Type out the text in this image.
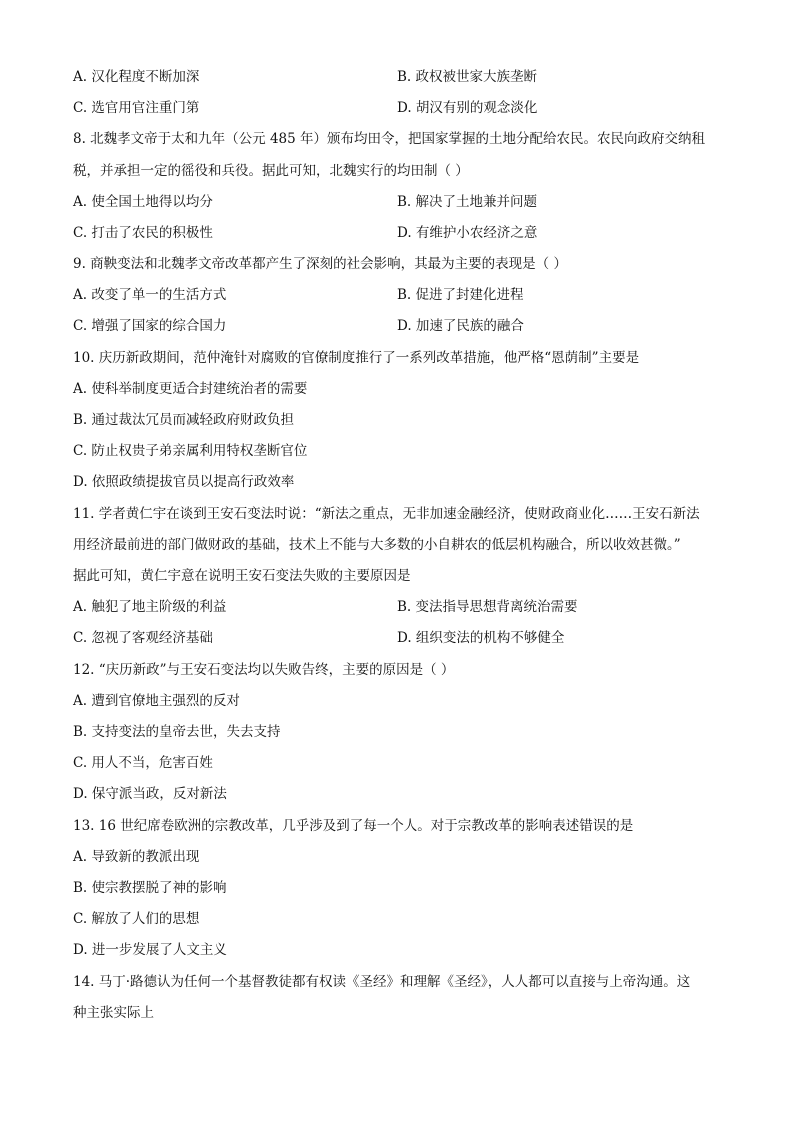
A. 汉化程度不断加深	B. 政权被世家大族垄断
C. 选官用官注重门第	D. 胡汉有别的观念淡化
8. 北魏孝文帝于太和九年（公元 485 年）颁布均田令，把国家掌握的土地分配给农民。农民向政府交纳租
税，并承担一定的徭役和兵役。据此可知，北魏实行的均田制（ ）
A. 使全国土地得以均分	B. 解决了土地兼并问题
C. 打击了农民的积极性	D. 有维护小农经济之意
9. 商鞅变法和北魏孝文帝改革都产生了深刻的社会影响，其最为主要的表现是（ ）
A. 改变了单一的生活方式	B. 促进了封建化进程
C. 增强了国家的综合国力	D. 加速了民族的融合
10. 庆历新政期间，范仲淹针对腐败的官僚制度推行了一系列改革措施，他严格“恩荫制”主要是
A. 使科举制度更适合封建统治者的需要
B. 通过裁汰冗员而减轻政府财政负担
C. 防止权贵子弟亲属利用特权垄断官位
D. 依照政绩提拔官员以提高行政效率
11. 学者黄仁宇在谈到王安石变法时说：“新法之重点，无非加速金融经济，使财政商业化……王安石新法
用经济最前进的部门做财政的基础，技术上不能与大多数的小自耕农的低层机构融合，所以收效甚微。”
据此可知，黄仁宇意在说明王安石变法失败的主要原因是
A. 触犯了地主阶级的利益	B. 变法指导思想背离统治需要
C. 忽视了客观经济基础	D. 组织变法的机构不够健全
12. “庆历新政”与王安石变法均以失败告终，主要的原因是（ ）
A. 遭到官僚地主强烈的反对
B. 支持变法的皇帝去世，失去支持
C. 用人不当，危害百姓
D. 保守派当政，反对新法
13. 16 世纪席卷欧洲的宗教改革，几乎涉及到了每一个人。对于宗教改革的影响表述错误的是
A. 导致新的教派出现
B. 使宗教摆脱了神的影响
C. 解放了人们的思想
D. 进一步发展了人文主义
14. 马丁·路德认为任何一个基督教徒都有权读《圣经》和理解《圣经》，人人都可以直接与上帝沟通。这
种主张实际上
